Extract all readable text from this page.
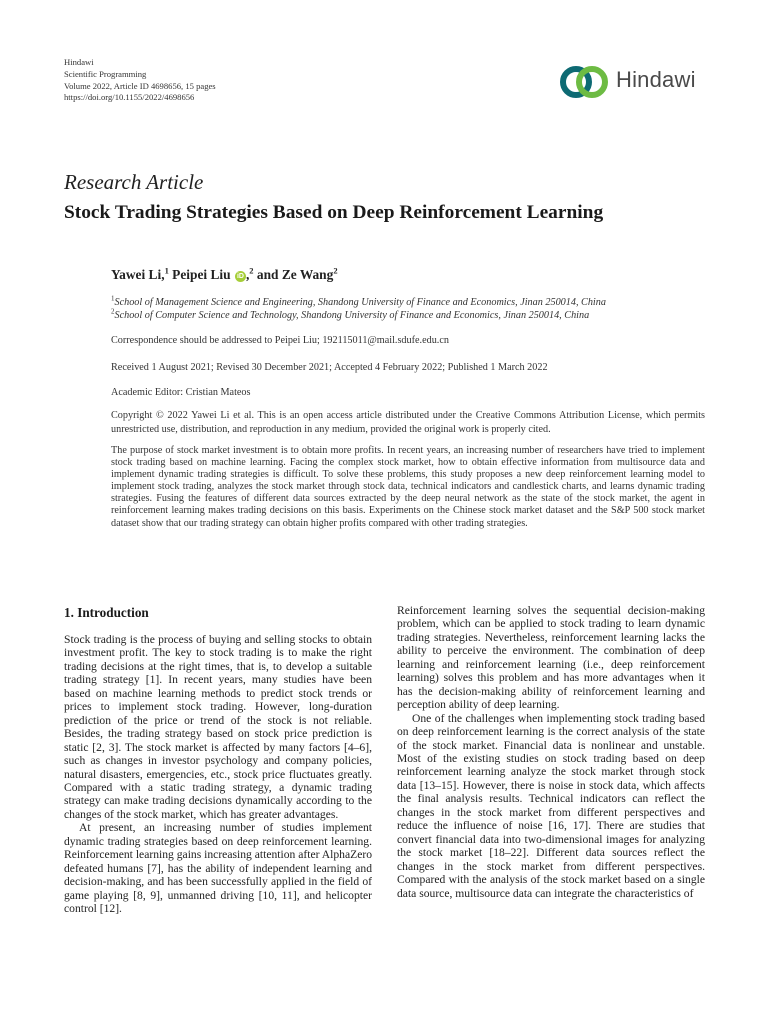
Hindawi
Scientific Programming
Volume 2022, Article ID 4698656, 15 pages
https://doi.org/10.1155/2022/4698656
Hindawi
Research Article
Stock Trading Strategies Based on Deep Reinforcement Learning
Yawei Li,$^1$ Peipei Liu iD ,$^2$ and Ze Wang$^2$
$^1$School of Management Science and Engineering, Shandong University of Finance and Economics, Jinan 250014, China
$^2$School of Computer Science and Technology, Shandong University of Finance and Economics, Jinan 250014, China
Correspondence should be addressed to Peipei Liu; 192115011@mail.sdufe.edu.cn
Received 1 August 2021; Revised 30 December 2021; Accepted 4 February 2022; Published 1 March 2022
Academic Editor: Cristian Mateos
Copyright © 2022 Yawei Li et al. This is an open access article distributed under the Creative Commons Attribution License, which permits unrestricted use, distribution, and reproduction in any medium, provided the original work is properly cited.
The purpose of stock market investment is to obtain more profits. In recent years, an increasing number of researchers have tried to implement stock trading based on machine learning. Facing the complex stock market, how to obtain effective information from multisource data and implement dynamic trading strategies is difficult. To solve these problems, this study proposes a new deep reinforcement learning model to implement stock trading, analyzes the stock market through stock data, technical indicators and candlestick charts, and learns dynamic trading strategies. Fusing the features of different data sources extracted by the deep neural network as the state of the stock market, the agent in reinforcement learning makes trading decisions on this basis. Experiments on the Chinese stock market dataset and the S&P 500 stock market dataset show that our trading strategy can obtain higher profits compared with other trading strategies.
1. Introduction

Stock trading is the process of buying and selling stocks to obtain investment profit. The key to stock trading is to make the right trading decisions at the right times, that is, to develop a suitable trading strategy [1]. In recent years, many studies have been based on machine learning methods to predict stock trends or prices to implement stock trading. However, long-duration prediction of the price or trend of the stock is not reliable. Besides, the trading strategy based on stock price prediction is static [2, 3]. The stock market is affected by many factors [4–6], such as changes in investor psychology and company policies, natural disasters, emergencies, etc., stock price fluctuates greatly. Compared with a static trading strategy, a dynamic trading strategy can make trading decisions dynamically according to the changes of the stock market, which has greater advantages.

At present, an increasing number of studies implement dynamic trading strategies based on deep reinforcement learning. Reinforcement learning gains increasing attention after AlphaZero defeated humans [7], has the ability of independent learning and decision-making, and has been successfully applied in the field of game playing [8, 9], unmanned driving [10, 11], and helicopter control [12].

Reinforcement learning solves the sequential decision-making problem, which can be applied to stock trading to learn dynamic trading strategies. Nevertheless, reinforcement learning lacks the ability to perceive the environment. The combination of deep learning and reinforcement learning (i.e., deep reinforcement learning) solves this problem and has more advantages when it has the decision-making ability of reinforcement learning and perception ability of deep learning.

One of the challenges when implementing stock trading based on deep reinforcement learning is the correct analysis of the state of the stock market. Financial data is nonlinear and unstable. Most of the existing studies on stock trading based on deep reinforcement learning analyze the stock market through stock data [13–15]. However, there is noise in stock data, which affects the final analysis results. Technical indicators can reflect the changes in the stock market from different perspectives and reduce the influence of noise [16, 17]. There are studies that convert financial data into two-dimensional images for analyzing the stock market [18–22]. Different data sources reflect the changes in the stock market from different perspectives. Compared with the analysis of the stock market based on a single data source, multisource data can integrate the characteristics of
